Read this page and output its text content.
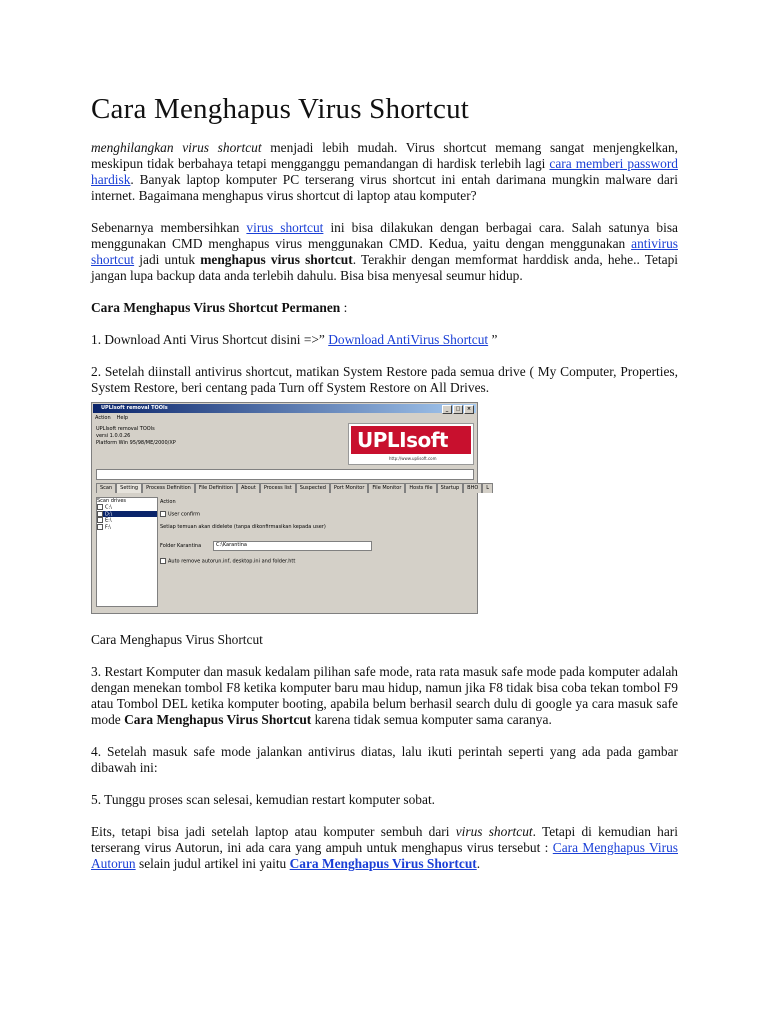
Cara Menghapus Virus Shortcut

menghilangkan virus shortcut menjadi lebih mudah. Virus shortcut memang sangat menjengkelkan, meskipun tidak berbahaya tetapi mengganggu pemandangan di hardisk terlebih lagi cara memberi password hardisk. Banyak laptop komputer PC terserang virus shortcut ini entah darimana mungkin malware dari internet. Bagaimana menghapus virus shortcut di laptop atau komputer?

Sebenarnya membersihkan virus shortcut ini bisa dilakukan dengan berbagai cara. Salah satunya bisa menggunakan CMD menghapus virus menggunakan CMD. Kedua, yaitu dengan menggunakan antivirus shortcut jadi untuk menghapus virus shortcut. Terakhir dengan memformat harddisk anda, hehe.. Tetapi jangan lupa backup data anda terlebih dahulu. Bisa bisa menyesal seumur hidup.

Cara Menghapus Virus Shortcut Permanen :

1. Download Anti Virus Shortcut disini =>” Download AntiVirus Shortcut ”

2. Setelah diinstall antivirus shortcut, matikan System Restore pada semua drive ( My Computer, Properties, System Restore, beri centang pada Turn off System Restore on All Drives.

UPLIsoft removal TOOls	_	□	×
Action Help
UPLIsoft removal TOOls
versi 1.0.0.26
Platform Win 95/98/ME/2000/XP	UPLIsoft
http://www.uplisoft.com
Scan	Setting	Process Definition	File Definition	About	Process list	Suspected	Port Monitor	File Monitor	Hosts file	Startup	BHO	L
Scan drives
C:\
D:\
E:\
F:\
Action
User confirm
Setiap temuan akan didelete (tanpa dikonfirmasikan kepada user)
Folder Karantina	C:\Karantina
Auto remove autorun.inf, desktop.ini and folder.htt

Cara Menghapus Virus Shortcut

3. Restart Komputer dan masuk kedalam pilihan safe mode, rata rata masuk safe mode pada komputer adalah dengan menekan tombol F8 ketika komputer baru mau hidup, namun jika F8 tidak bisa coba tekan tombol F9 atau Tombol DEL ketika komputer booting, apabila belum berhasil search dulu di google ya cara masuk safe mode Cara Menghapus Virus Shortcut karena tidak semua komputer sama caranya.

4. Setelah masuk safe mode jalankan antivirus diatas, lalu ikuti perintah seperti yang ada pada gambar dibawah ini:

5. Tunggu proses scan selesai, kemudian restart komputer sobat.

Eits, tetapi bisa jadi setelah laptop atau komputer sembuh dari virus shortcut. Tetapi di kemudian hari terserang virus Autorun, ini ada cara yang ampuh untuk menghapus virus tersebut : Cara Menghapus Virus Autorun selain judul artikel ini yaitu Cara Menghapus Virus Shortcut.
